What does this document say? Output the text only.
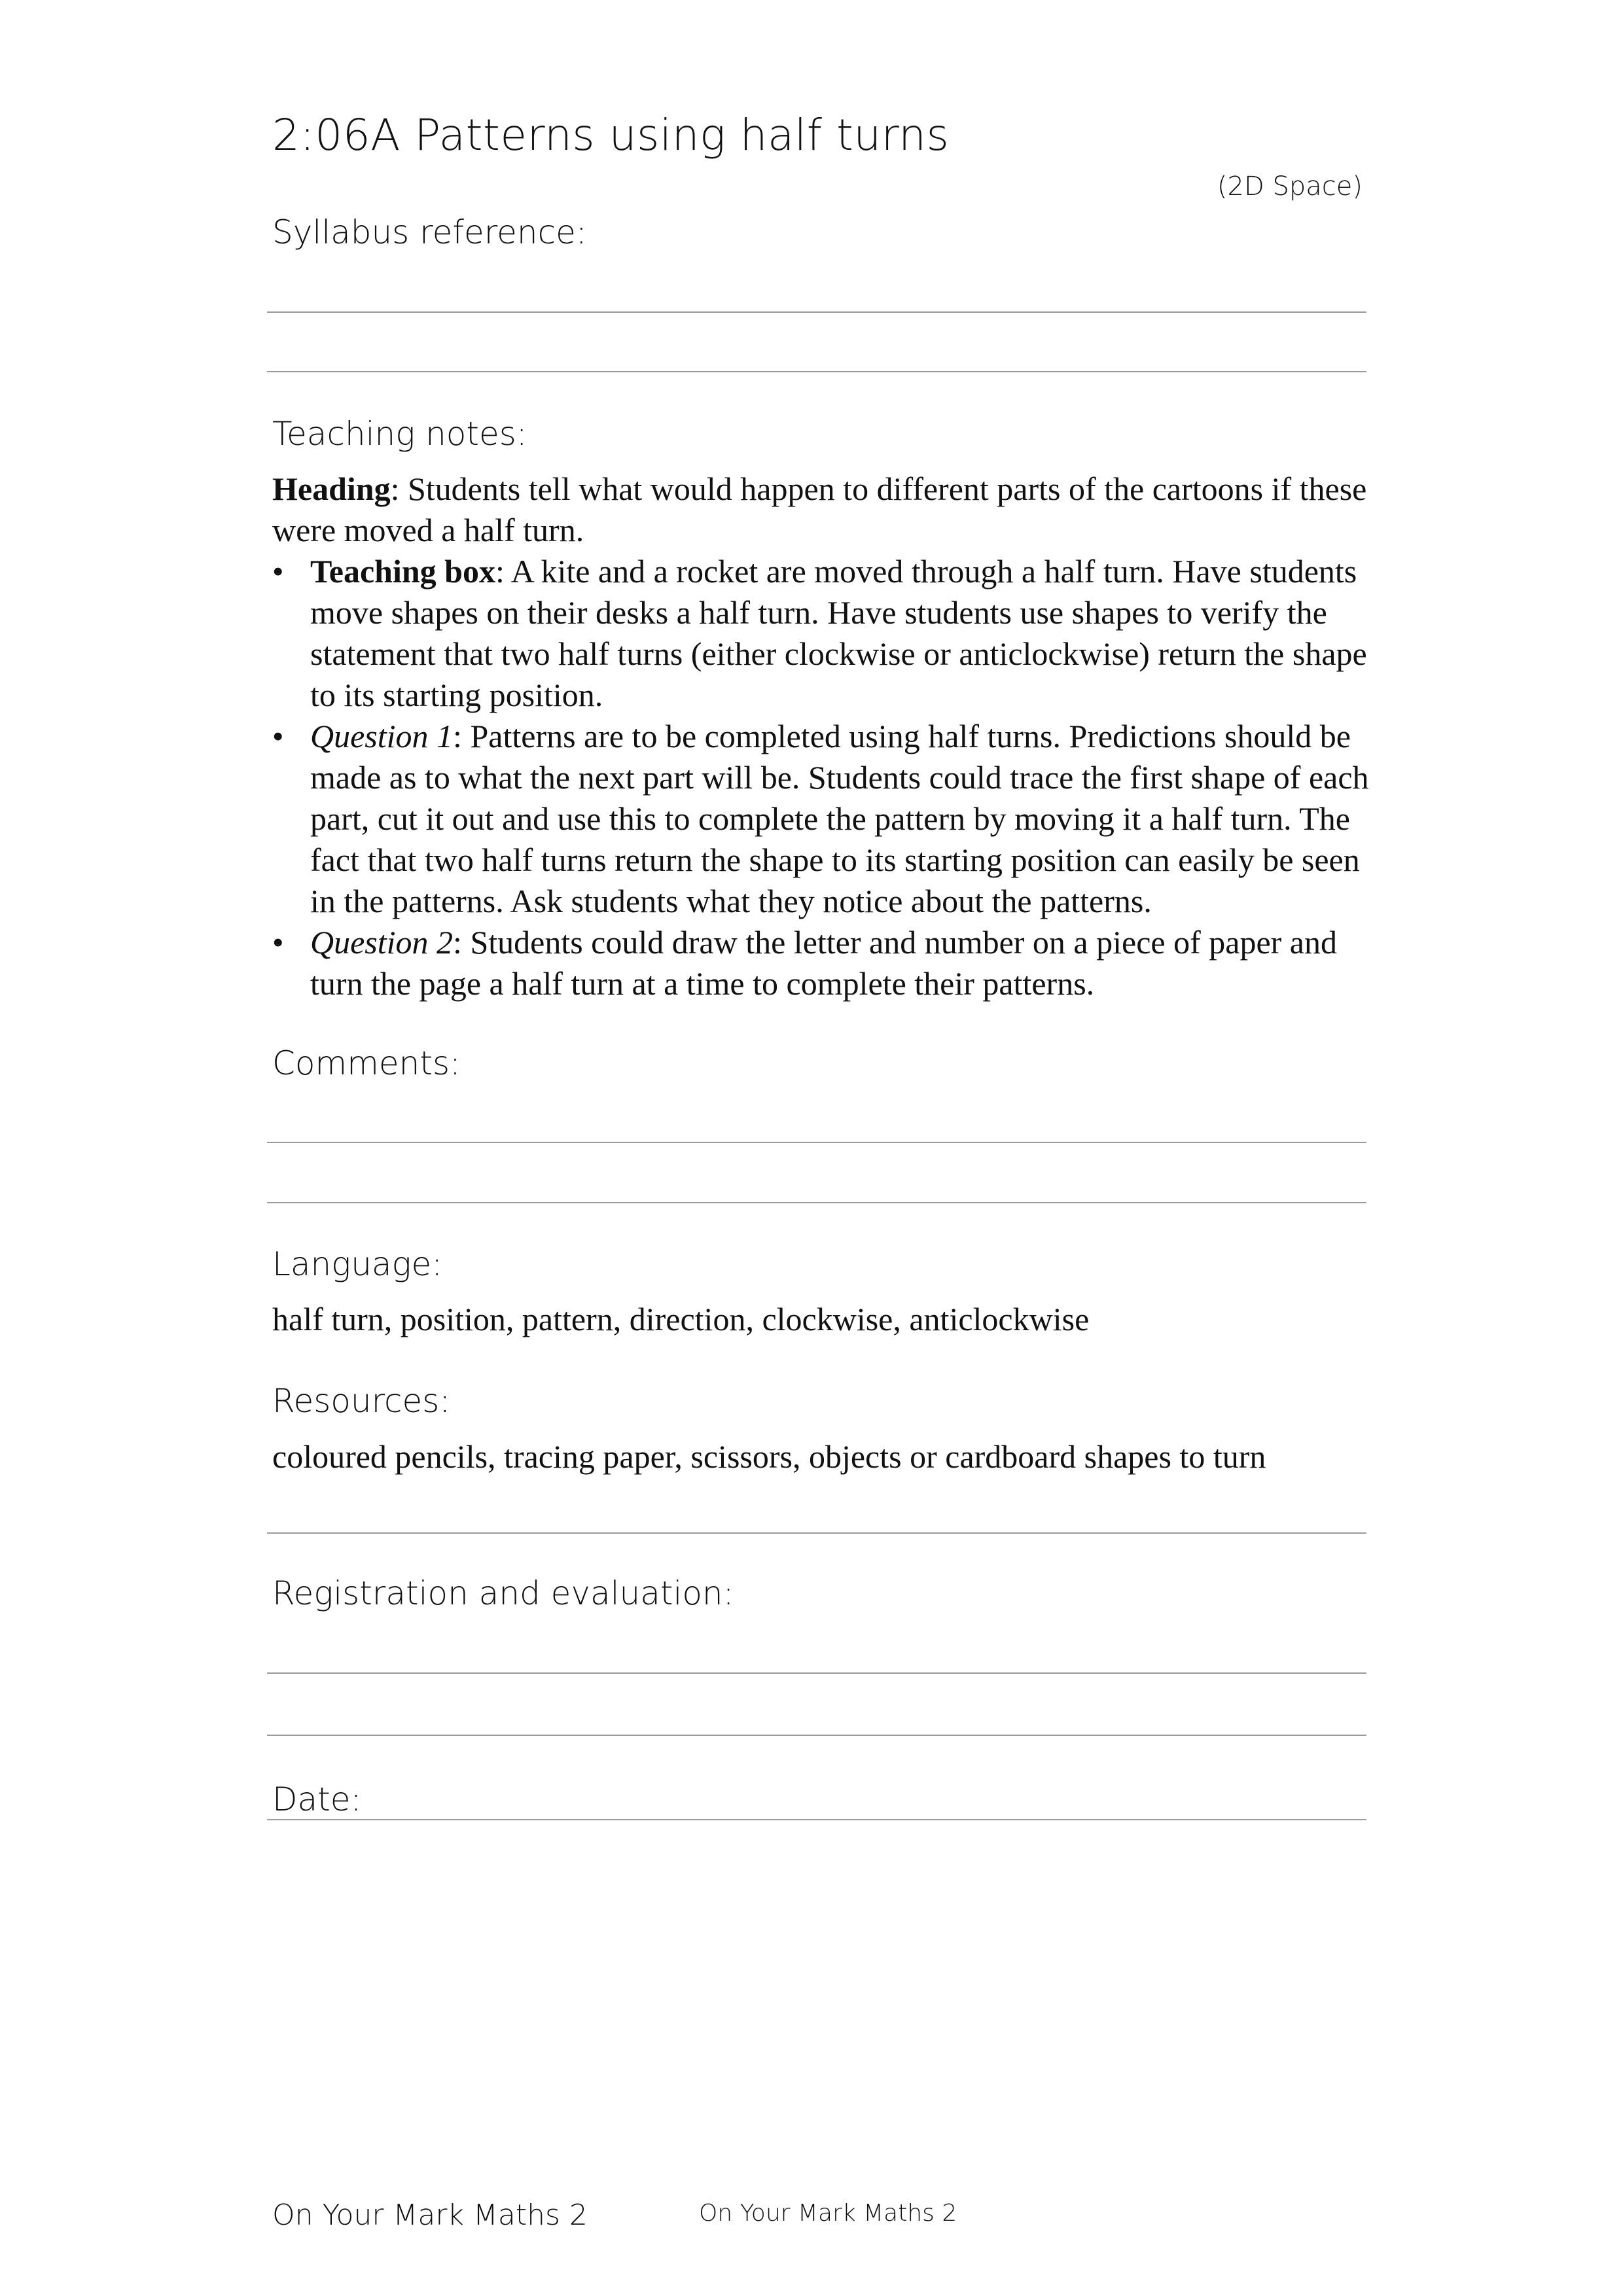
2:06A Patterns using half turns
(2D Space)
Syllabus reference:
Teaching notes:

Heading: Students tell what would happen to different parts of the cartoons if these were moved a half turn.

• Teaching box: A kite and a rocket are moved through a half turn. Have students move shapes on their desks a half turn. Have students use shapes to verify the statement that two half turns (either clockwise or anticlockwise) return the shape to its starting position.
• Question 1: Patterns are to be completed using half turns. Predictions should be made as to what the next part will be. Students could trace the first shape of each part, cut it out and use this to complete the pattern by moving it a half turn. The fact that two half turns return the shape to its starting position can easily be seen in the patterns. Ask students what they notice about the patterns.
• Question 2: Students could draw the letter and number on a piece of paper and turn the page a half turn at a time to complete their patterns.
Comments:
Language:
half turn, position, pattern, direction, clockwise, anticlockwise
Resources:
coloured pencils, tracing paper, scissors, objects or cardboard shapes to turn
Registration and evaluation:
Date:
On Your Mark Maths 2	On Your Mark Maths 2
